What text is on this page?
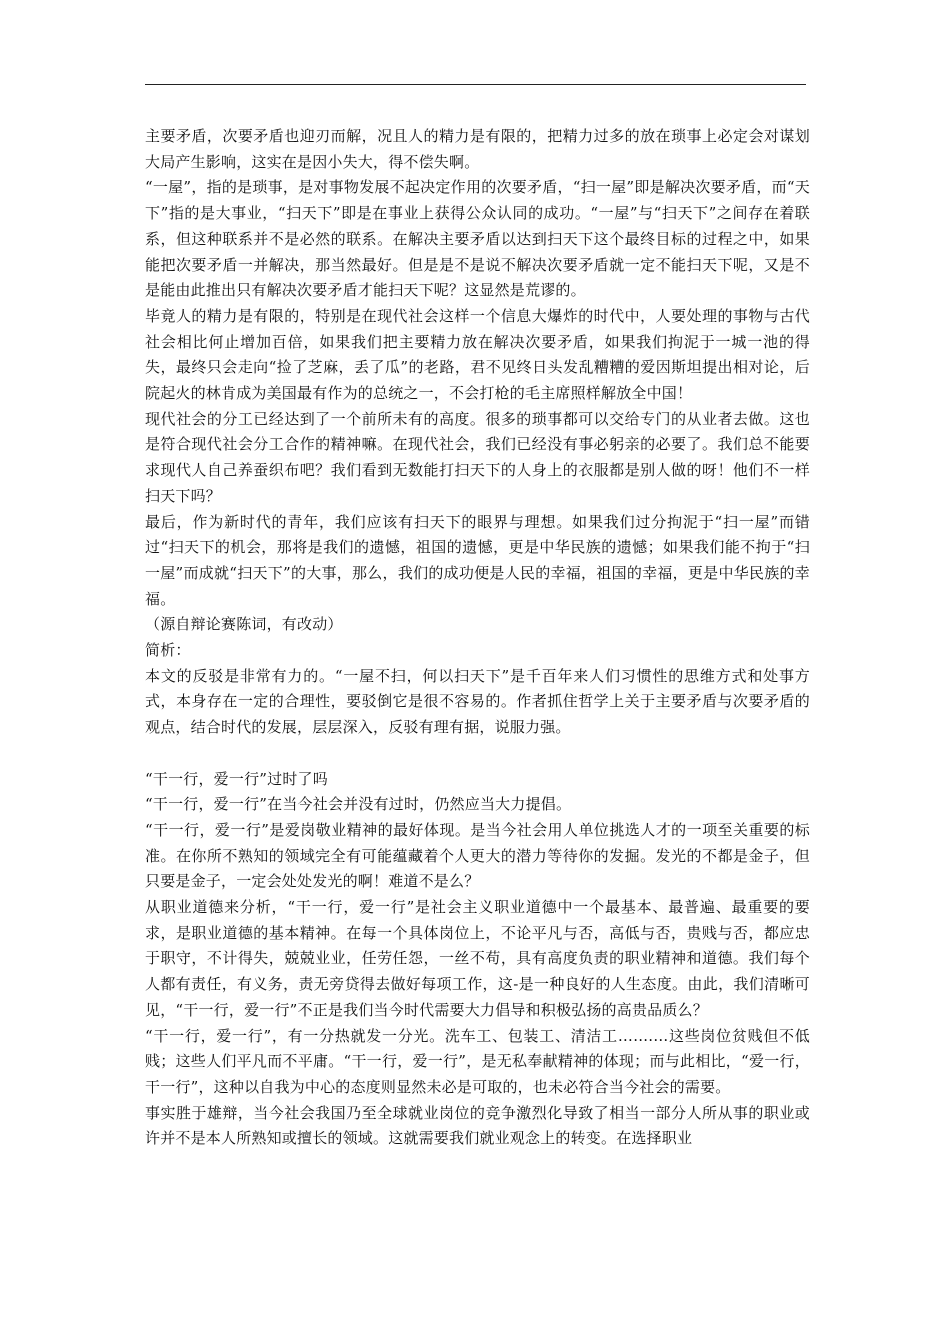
主要矛盾，次要矛盾也迎刃而解，况且人的精力是有限的，把精力过多的放在琐事上必定会对谋划大局产生影响，这实在是因小失大，得不偿失啊。

“一屋”，指的是琐事，是对事物发展不起决定作用的次要矛盾，“扫一屋”即是解决次要矛盾，而“天下”指的是大事业，“扫天下”即是在事业上获得公众认同的成功。“一屋”与“扫天下”之间存在着联系，但这种联系并不是必然的联系。在解决主要矛盾以达到扫天下这个最终目标的过程之中，如果能把次要矛盾一并解决，那当然最好。但是是不是说不解决次要矛盾就一定不能扫天下呢，又是不是能由此推出只有解决次要矛盾才能扫天下呢？这显然是荒谬的。

毕竟人的精力是有限的，特别是在现代社会这样一个信息大爆炸的时代中，人要处理的事物与古代社会相比何止增加百倍，如果我们把主要精力放在解决次要矛盾，如果我们拘泥于一城一池的得失，最终只会走向“捡了芝麻，丢了瓜”的老路，君不见终日头发乱糟糟的爱因斯坦提出相对论，后院起火的林肯成为美国最有作为的总统之一，不会打枪的毛主席照样解放全中国！

现代社会的分工已经达到了一个前所未有的高度。很多的琐事都可以交给专门的从业者去做。这也是符合现代社会分工合作的精神嘛。在现代社会，我们已经没有事必躬亲的必要了。我们总不能要求现代人自己养蚕织布吧？我们看到无数能打扫天下的人身上的衣服都是别人做的呀！他们不一样扫天下吗？

最后，作为新时代的青年，我们应该有扫天下的眼界与理想。如果我们过分拘泥于“扫一屋”而错过“扫天下的机会，那将是我们的遗憾，祖国的遗憾，更是中华民族的遗憾；如果我们能不拘于“扫一屋”而成就“扫天下”的大事，那么，我们的成功便是人民的幸福，祖国的幸福，更是中华民族的幸福。

（源自辩论赛陈词，有改动）

简析：

本文的反驳是非常有力的。“一屋不扫，何以扫天下”是千百年来人们习惯性的思维方式和处事方式，本身存在一定的合理性，要驳倒它是很不容易的。作者抓住哲学上关于主要矛盾与次要矛盾的观点，结合时代的发展，层层深入，反驳有理有据，说服力强。

“干一行，爱一行”过时了吗

“干一行，爱一行”在当今社会并没有过时，仍然应当大力提倡。

“干一行，爱一行”是爱岗敬业精神的最好体现。是当今社会用人单位挑选人才的一项至关重要的标准。在你所不熟知的领域完全有可能蕴藏着个人更大的潜力等待你的发掘。发光的不都是金子，但只要是金子，一定会处处发光的啊！难道不是么？

从职业道德来分析，“干一行，爱一行”是社会主义职业道德中一个最基本、最普遍、最重要的要求，是职业道德的基本精神。在每一个具体岗位上，不论平凡与否，高低与否，贵贱与否，都应忠于职守，不计得失，兢兢业业，任劳任怨，一丝不苟，具有高度负责的职业精神和道德。我们每个人都有责任，有义务，责无旁贷得去做好每项工作，这-是一种良好的人生态度。由此，我们清晰可见，“干一行，爱一行”不正是我们当今时代需要大力倡导和积极弘扬的高贵品质么？

“干一行，爱一行”，有一分热就发一分光。洗车工、包装工、清洁工…….…这些岗位贫贱但不低贱；这些人们平凡而不平庸。“干一行，爱一行”，是无私奉献精神的体现；而与此相比，“爱一行，干一行”，这种以自我为中心的态度则显然未必是可取的，也未必符合当今社会的需要。

事实胜于雄辩，当今社会我国乃至全球就业岗位的竞争激烈化导致了相当一部分人所从事的职业或许并不是本人所熟知或擅长的领域。这就需要我们就业观念上的转变。在选择职业
